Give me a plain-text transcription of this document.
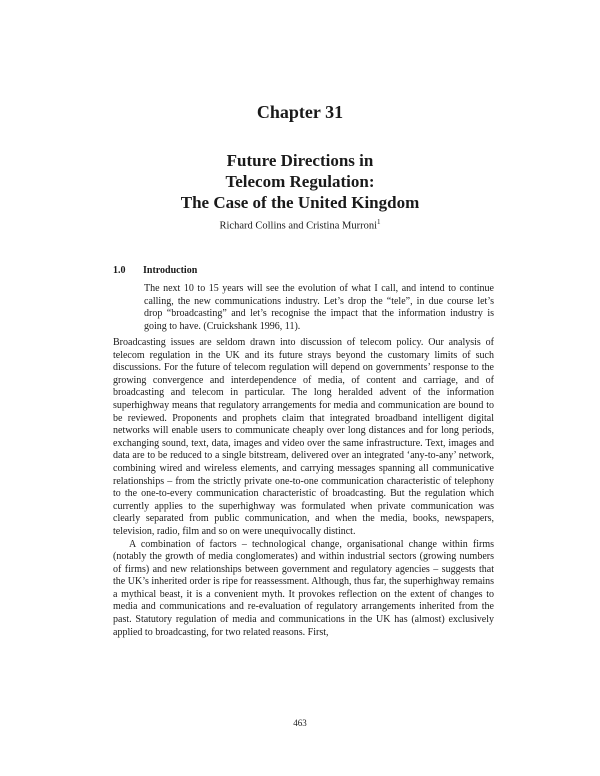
Chapter 31
Future Directions in
Telecom Regulation:
The Case of the United Kingdom
Richard Collins and Cristina Murroni$^1$
1.0 Introduction
The next 10 to 15 years will see the evolution of what I call, and intend to continue calling, the new communications industry. Let’s drop the “tele”, in due course let’s drop “broadcasting” and let’s recognise the impact that the information industry is going to have. (Cruickshank 1996, 11).

Broadcasting issues are seldom drawn into discussion of telecom policy. Our analysis of telecom regulation in the UK and its future strays beyond the customary limits of such discussions. For the future of telecom regulation will depend on governments’ response to the growing convergence and interdependence of media, of content and carriage, and of broadcasting and telecom in particular. The long heralded advent of the information superhighway means that regulatory arrangements for media and communication are bound to be reviewed. Proponents and prophets claim that integrated broadband intelligent digital networks will enable users to communicate cheaply over long distances and for long periods, exchanging sound, text, data, images and video over the same infrastructure. Text, images and data are to be reduced to a single bitstream, delivered over an integrated ‘any-to-any’ network, combining wired and wireless elements, and carrying messages spanning all communicative relationships – from the strictly private one-to-one communication characteristic of telephony to the one-to-every communication characteristic of broadcasting. But the regulation which currently applies to the superhighway was formulated when private communication was clearly separated from public communication, and when the media, books, newspapers, television, radio, film and so on were unequivocally distinct.

A combination of factors – technological change, organisational change within firms (notably the growth of media conglomerates) and within industrial sectors (growing numbers of firms) and new relationships between government and regulatory agencies – suggests that the UK’s inherited order is ripe for reassessment. Although, thus far, the superhighway remains a mythical beast, it is a convenient myth. It provokes reflection on the extent of changes to media and communications and re-evaluation of regulatory arrangements inherited from the past. Statutory regulation of media and communications in the UK has (almost) exclusively applied to broadcasting, for two related reasons. First,

463
